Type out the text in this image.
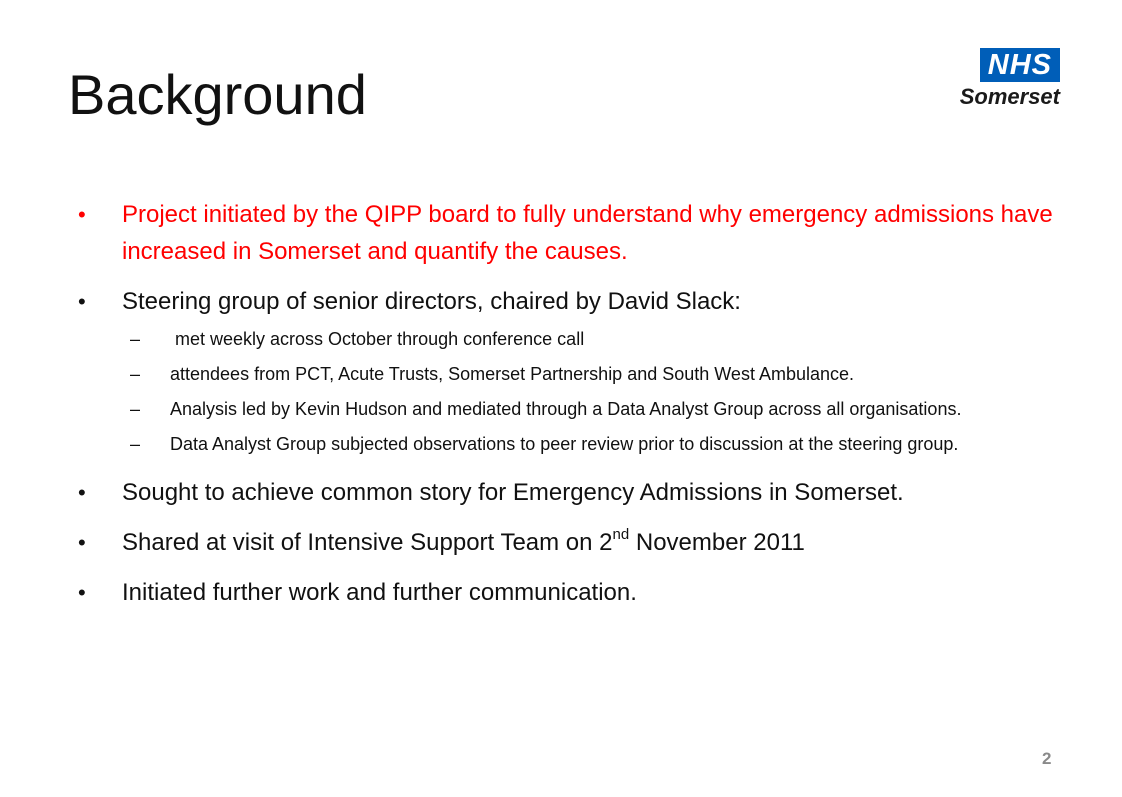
Background	NHS
Somerset
• Project initiated by the QIPP board to fully understand why emergency admissions have increased in Somerset and quantify the causes.
• Steering group of senior directors, chaired by David Slack:
– met weekly across October through conference call
– attendees from PCT, Acute Trusts, Somerset Partnership and South West Ambulance.
– Analysis led by Kevin Hudson and mediated through a Data Analyst Group across all organisations.
– Data Analyst Group subjected observations to peer review prior to discussion at the steering group.
• Sought to achieve common story for Emergency Admissions in Somerset.
• Shared at visit of Intensive Support Team on 2nd November 2011
• Initiated further work and further communication.
2
